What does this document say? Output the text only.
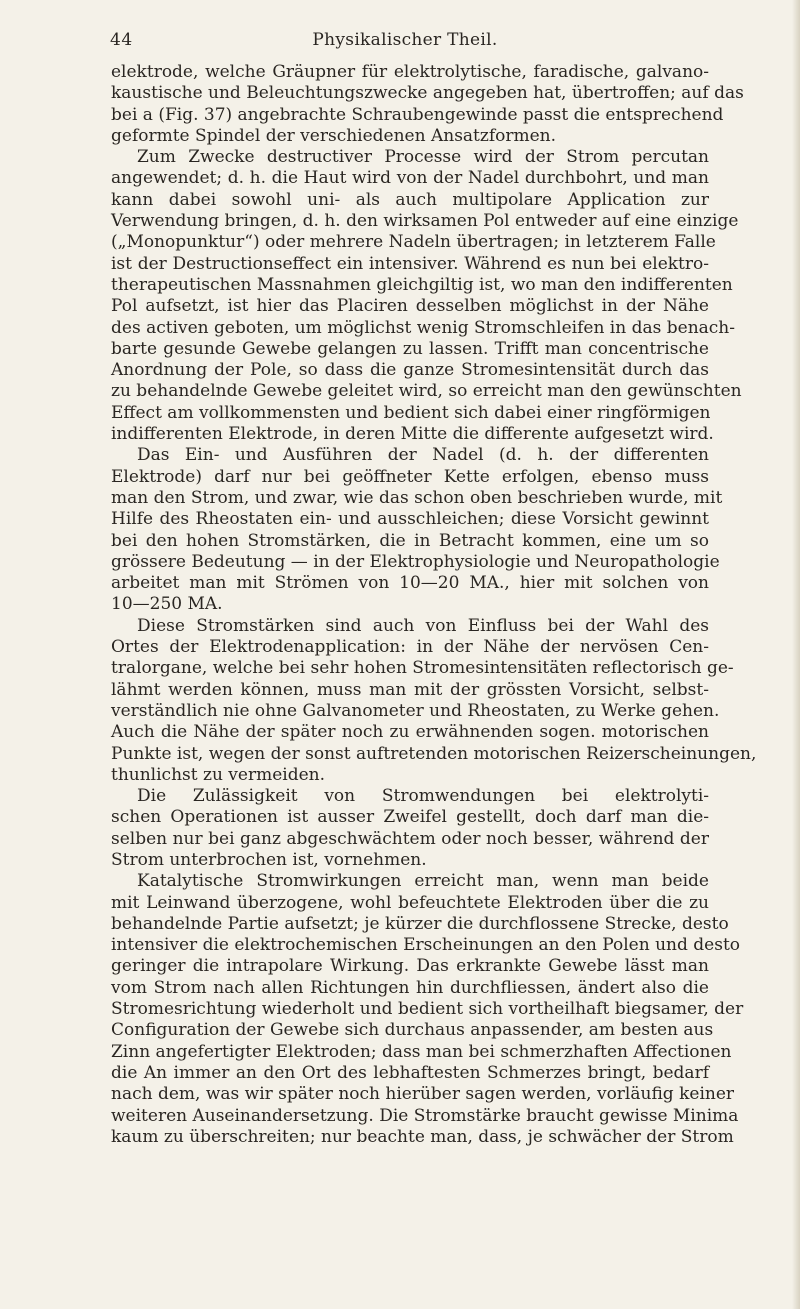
44	Physikalischer Theil.
elektrode, welche Gräupner für elektrolytische, faradische, galvano-
kaustische und Beleuchtungszwecke angegeben hat, übertroffen; auf das
bei a (Fig. 37) angebrachte Schraubengewinde passt die entsprechend
geformte Spindel der verschiedenen Ansatzformen.
Zum Zwecke destructiver Processe wird der Strom percutan
angewendet; d. h. die Haut wird von der Nadel durchbohrt, und man
kann dabei sowohl uni- als auch multipolare Application zur
Verwendung bringen, d. h. den wirksamen Pol entweder auf eine einzige
(„Monopunktur“) oder mehrere Nadeln übertragen; in letzterem Falle
ist der Destructionseffect ein intensiver. Während es nun bei elektro-
therapeutischen Massnahmen gleichgiltig ist, wo man den indifferenten
Pol aufsetzt, ist hier das Placiren desselben möglichst in der Nähe
des activen geboten, um möglichst wenig Stromschleifen in das benach-
barte gesunde Gewebe gelangen zu lassen. Trifft man concentrische
Anordnung der Pole, so dass die ganze Stromesintensität durch das
zu behandelnde Gewebe geleitet wird, so erreicht man den gewünschten
Effect am vollkommensten und bedient sich dabei einer ringförmigen
indifferenten Elektrode, in deren Mitte die differente aufgesetzt wird.
Das Ein- und Ausführen der Nadel (d. h. der differenten
Elektrode) darf nur bei geöffneter Kette erfolgen, ebenso muss
man den Strom, und zwar, wie das schon oben beschrieben wurde, mit
Hilfe des Rheostaten ein- und ausschleichen; diese Vorsicht gewinnt
bei den hohen Stromstärken, die in Betracht kommen, eine um so
grössere Bedeutung — in der Elektrophysiologie und Neuropathologie
arbeitet man mit Strömen von 10—20 MA., hier mit solchen von
10—250 MA.
Diese Stromstärken sind auch von Einfluss bei der Wahl des
Ortes der Elektrodenapplication: in der Nähe der nervösen Cen-
tralorgane, welche bei sehr hohen Stromesintensitäten reflectorisch ge-
lähmt werden können, muss man mit der grössten Vorsicht, selbst-
verständlich nie ohne Galvanometer und Rheostaten, zu Werke gehen.
Auch die Nähe der später noch zu erwähnenden sogen. motorischen
Punkte ist, wegen der sonst auftretenden motorischen Reizerscheinungen,
thunlichst zu vermeiden.
Die Zulässigkeit von Stromwendungen bei elektrolyti-
schen Operationen ist ausser Zweifel gestellt, doch darf man die-
selben nur bei ganz abgeschwächtem oder noch besser, während der
Strom unterbrochen ist, vornehmen.
Katalytische Stromwirkungen erreicht man, wenn man beide
mit Leinwand überzogene, wohl befeuchtete Elektroden über die zu
behandelnde Partie aufsetzt; je kürzer die durchflossene Strecke, desto
intensiver die elektrochemischen Erscheinungen an den Polen und desto
geringer die intrapolare Wirkung. Das erkrankte Gewebe lässt man
vom Strom nach allen Richtungen hin durchfliessen, ändert also die
Stromesrichtung wiederholt und bedient sich vortheilhaft biegsamer, der
Configuration der Gewebe sich durchaus anpassender, am besten aus
Zinn angefertigter Elektroden; dass man bei schmerzhaften Affectionen
die An immer an den Ort des lebhaftesten Schmerzes bringt, bedarf
nach dem, was wir später noch hierüber sagen werden, vorläufig keiner
weiteren Auseinandersetzung. Die Stromstärke braucht gewisse Minima
kaum zu überschreiten; nur beachte man, dass, je schwächer der Strom
